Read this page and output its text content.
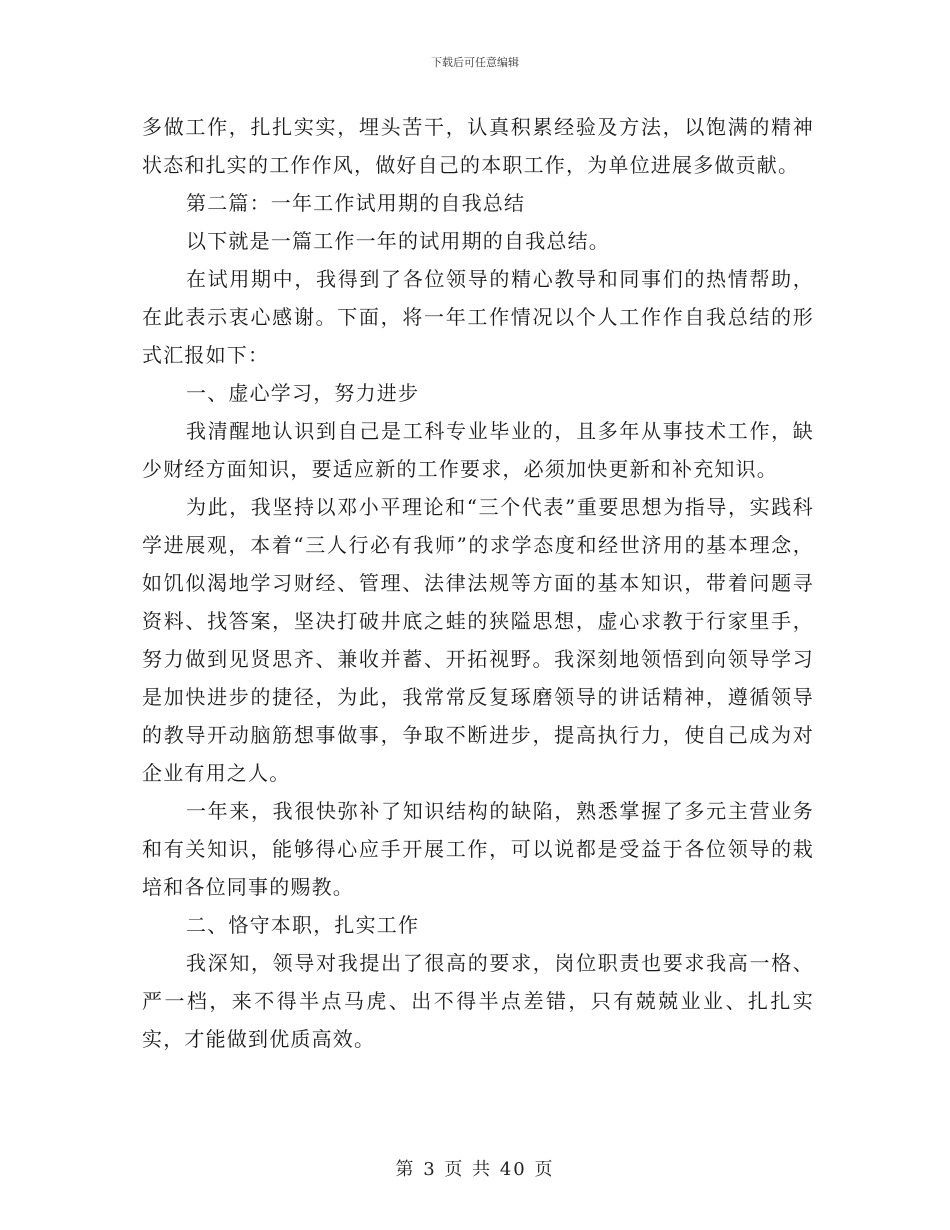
下载后可任意编辑

多做工作，扎扎实实，埋头苦干，认真积累经验及方法，以饱满的精神状态和扎实的工作作风，做好自己的本职工作，为单位进展多做贡献。

第二篇：一年工作试用期的自我总结

以下就是一篇工作一年的试用期的自我总结。

在试用期中，我得到了各位领导的精心教导和同事们的热情帮助，在此表示衷心感谢。下面，将一年工作情况以个人工作作自我总结的形式汇报如下：

一、虚心学习，努力进步

我清醒地认识到自己是工科专业毕业的，且多年从事技术工作，缺少财经方面知识，要适应新的工作要求，必须加快更新和补充知识。

为此，我坚持以邓小平理论和“三个代表”重要思想为指导，实践科学进展观，本着“三人行必有我师”的求学态度和经世济用的基本理念，如饥似渴地学习财经、管理、法律法规等方面的基本知识，带着问题寻资料、找答案，坚决打破井底之蛙的狭隘思想，虚心求教于行家里手，努力做到见贤思齐、兼收并蓄、开拓视野。我深刻地领悟到向领导学习是加快进步的捷径，为此，我常常反复琢磨领导的讲话精神，遵循领导的教导开动脑筋想事做事，争取不断进步，提高执行力，使自己成为对企业有用之人。

一年来，我很快弥补了知识结构的缺陷，熟悉掌握了多元主营业务和有关知识，能够得心应手开展工作，可以说都是受益于各位领导的栽培和各位同事的赐教。

二、恪守本职，扎实工作

我深知，领导对我提出了很高的要求，岗位职责也要求我高一格、严一档，来不得半点马虎、出不得半点差错，只有兢兢业业、扎扎实实，才能做到优质高效。

第 3 页 共 40 页
